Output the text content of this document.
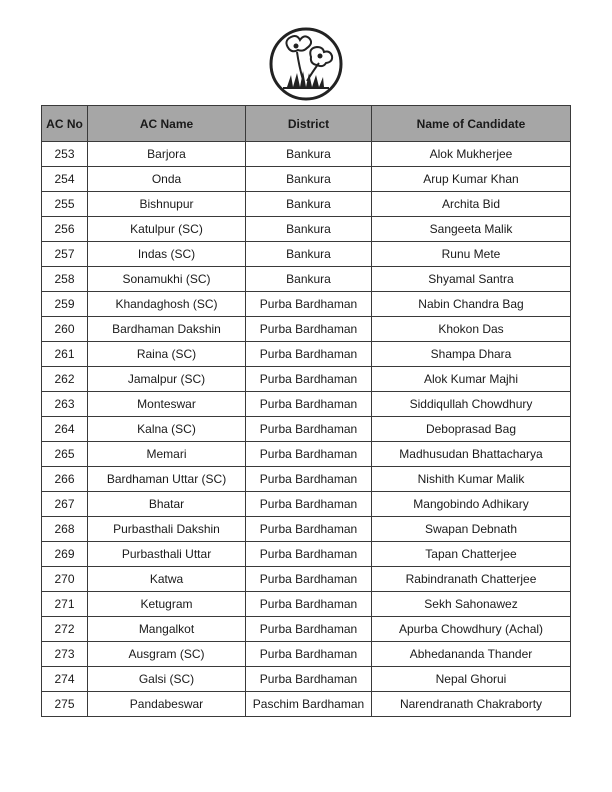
AC No	AC Name	District	Name of Candidate
253	Barjora	Bankura	Alok Mukherjee
254	Onda	Bankura	Arup Kumar Khan
255	Bishnupur	Bankura	Archita Bid
256	Katulpur (SC)	Bankura	Sangeeta Malik
257	Indas (SC)	Bankura	Runu Mete
258	Sonamukhi (SC)	Bankura	Shyamal Santra
259	Khandaghosh (SC)	Purba Bardhaman	Nabin Chandra Bag
260	Bardhaman Dakshin	Purba Bardhaman	Khokon Das
261	Raina (SC)	Purba Bardhaman	Shampa Dhara
262	Jamalpur (SC)	Purba Bardhaman	Alok Kumar Majhi
263	Monteswar	Purba Bardhaman	Siddiqullah Chowdhury
264	Kalna (SC)	Purba Bardhaman	Deboprasad Bag
265	Memari	Purba Bardhaman	Madhusudan Bhattacharya
266	Bardhaman Uttar (SC)	Purba Bardhaman	Nishith Kumar Malik
267	Bhatar	Purba Bardhaman	Mangobindo Adhikary
268	Purbasthali Dakshin	Purba Bardhaman	Swapan Debnath
269	Purbasthali Uttar	Purba Bardhaman	Tapan Chatterjee
270	Katwa	Purba Bardhaman	Rabindranath Chatterjee
271	Ketugram	Purba Bardhaman	Sekh Sahonawez
272	Mangalkot	Purba Bardhaman	Apurba Chowdhury (Achal)
273	Ausgram (SC)	Purba Bardhaman	Abhedananda Thander
274	Galsi (SC)	Purba Bardhaman	Nepal Ghorui
275	Pandabeswar	Paschim Bardhaman	Narendranath Chakraborty
